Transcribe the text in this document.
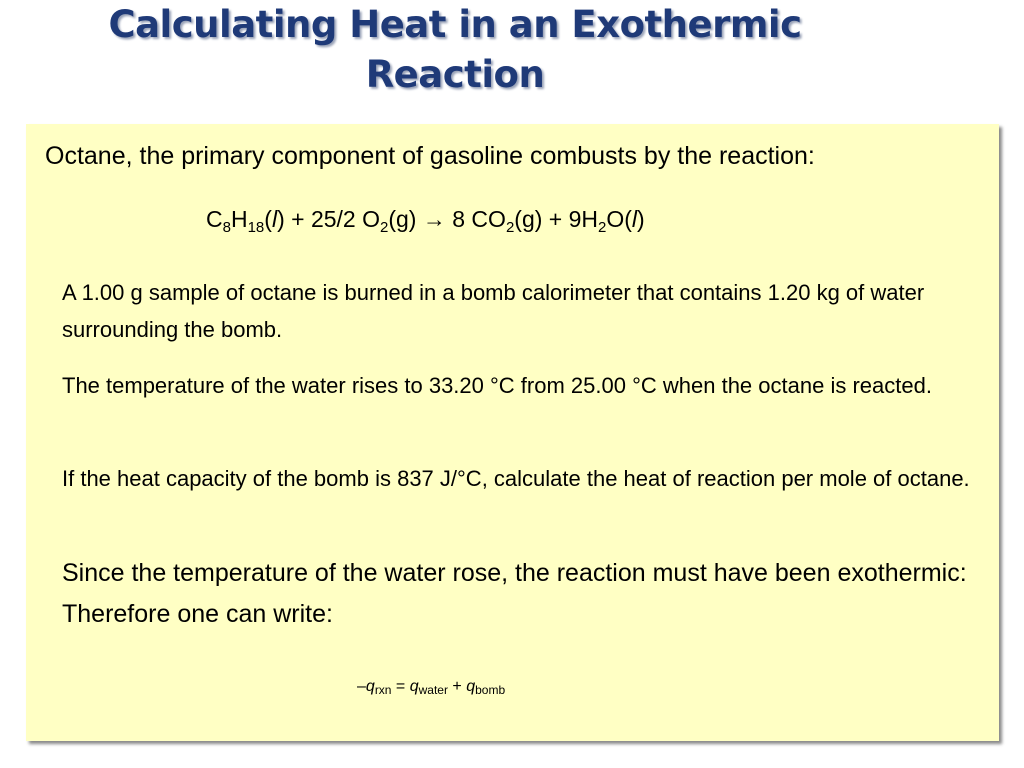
Calculating Heat in an Exothermic
Reaction
Octane, the primary component of gasoline combusts by the reaction:
$C_8H_{18}(l) + 25/2$ $O_2(g) \to 8$ $CO_2(g) + 9H_2O(l)$
A 1.00 g sample of octane is burned in a bomb calorimeter that contains 1.20 kg of water surrounding the bomb.
The temperature of the water rises to 33.20 °C from 25.00 °C when the octane is reacted.
If the heat capacity of the bomb is 837 J/°C, calculate the heat of reaction per mole of octane.
Since the temperature of the water rose, the reaction must have been exothermic:
Therefore one can write:
$-q_{rxn} = q_{water} + q_{bomb}$
